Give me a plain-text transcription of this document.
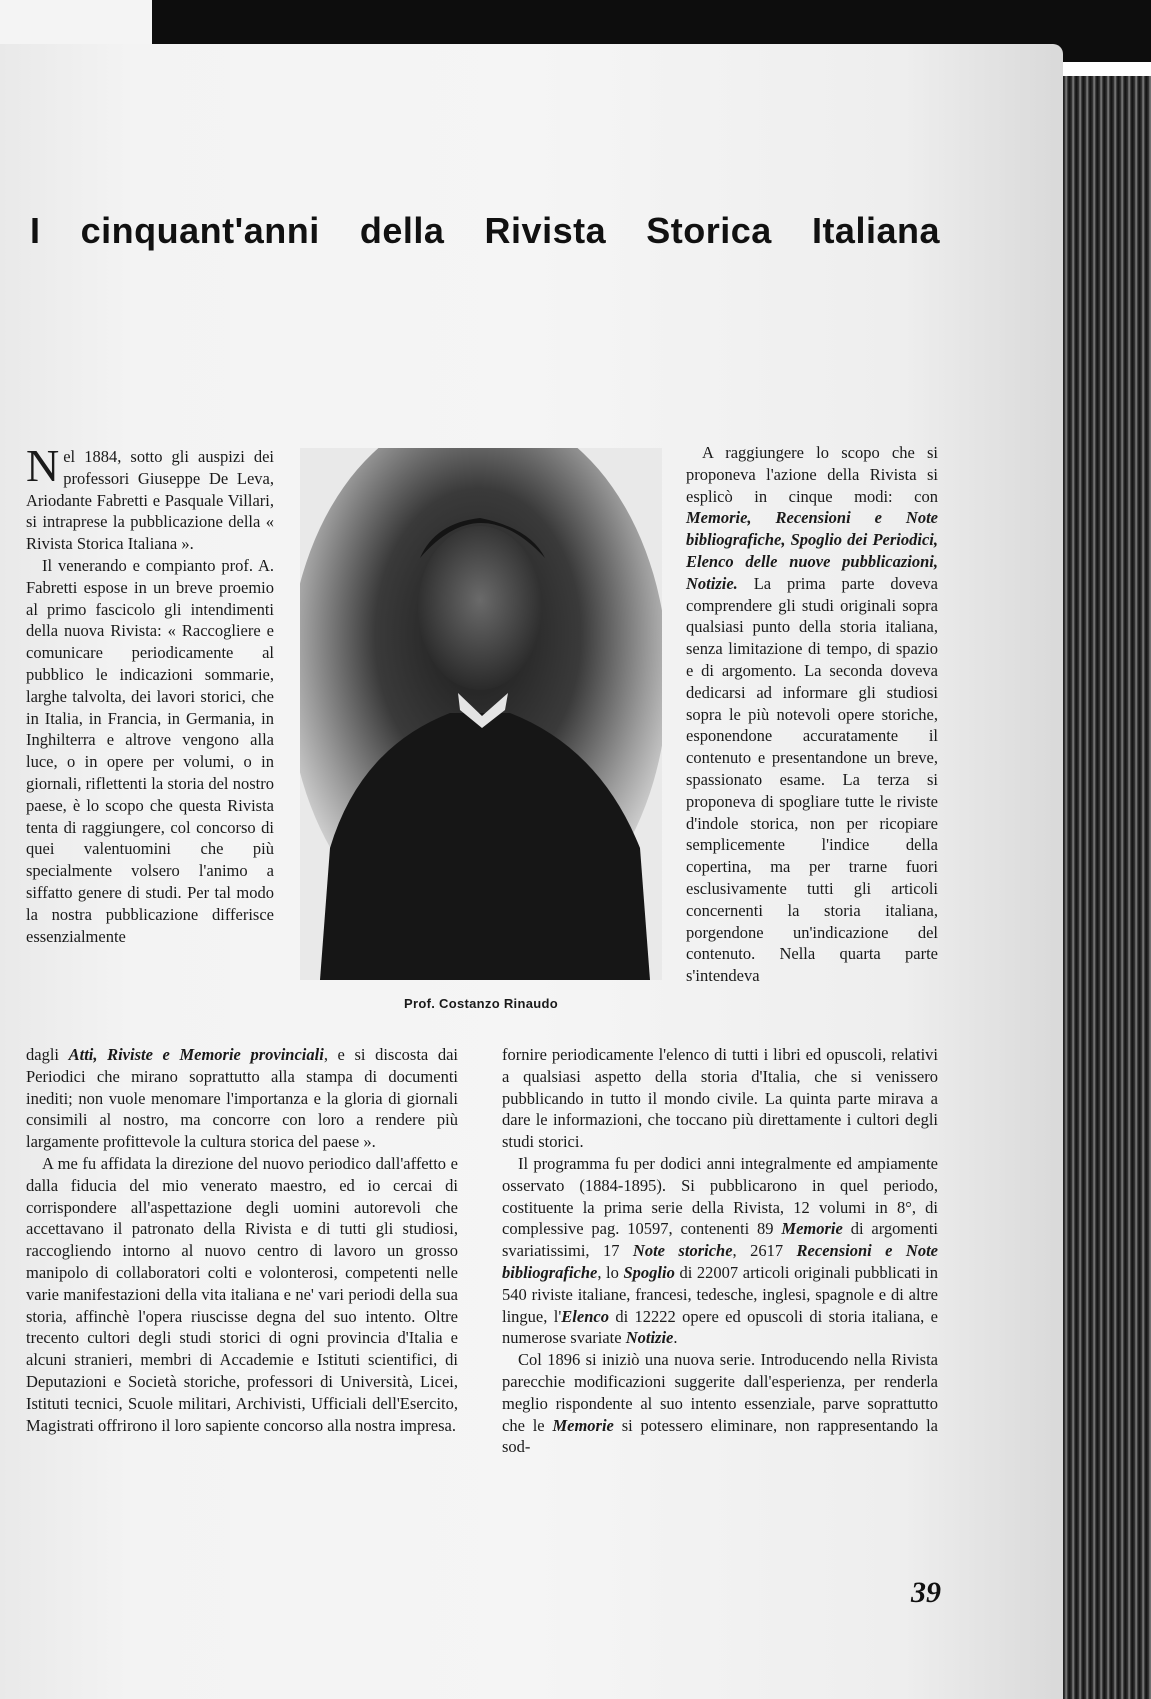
I cinquant'anni della Rivista Storica Italiana

Nel 1884, sotto gli auspizi dei professori Giuseppe De Leva, Ariodante Fabretti e Pasquale Villari, si intraprese la pubblicazione della « Rivista Storica Italiana ».

Il venerando e compianto prof. A. Fabretti espose in un breve proemio al primo fascicolo gli intendimenti della nuova Rivista: « Raccogliere e comunicare periodicamente al pubblico le indicazioni sommarie, larghe talvolta, dei lavori storici, che in Italia, in Francia, in Germania, in Inghilterra e altrove vengono alla luce, o in opere per volumi, o in giornali, riflettenti la storia del nostro paese, è lo scopo che questa Rivista tenta di raggiungere, col concorso di quei valentuomini che più specialmente volsero l'animo a siffatto genere di studi. Per tal modo la nostra pubblicazione differisce essenzialmente

Prof. Costanzo Rinaudo

A raggiungere lo scopo che si proponeva l'azione della Rivista si esplicò in cinque modi: con Memorie, Recensioni e Note bibliografiche, Spoglio dei Periodici, Elenco delle nuove pubblicazioni, Notizie. La prima parte doveva comprendere gli studi originali sopra qualsiasi punto della storia italiana, senza limitazione di tempo, di spazio e di argomento. La seconda doveva dedicarsi ad informare gli studiosi sopra le più notevoli opere storiche, esponendone accuratamente il contenuto e presentandone un breve, spassionato esame. La terza si proponeva di spogliare tutte le riviste d'indole storica, non per ricopiare semplicemente l'indice della copertina, ma per trarne fuori esclusivamente tutti gli articoli concernenti la storia italiana, porgendone un'indicazione del contenuto. Nella quarta parte s'intendeva

dagli Atti, Riviste e Memorie provinciali, e si discosta dai Periodici che mirano soprattutto alla stampa di documenti inediti; non vuole menomare l'importanza e la gloria di giornali consimili al nostro, ma concorre con loro a rendere più largamente profittevole la cultura storica del paese ».

A me fu affidata la direzione del nuovo periodico dall'affetto e dalla fiducia del mio venerato maestro, ed io cercai di corrispondere all'aspettazione degli uomini autorevoli che accettavano il patronato della Rivista e di tutti gli studiosi, raccogliendo intorno al nuovo centro di lavoro un grosso manipolo di collaboratori colti e volonterosi, competenti nelle varie manifestazioni della vita italiana e ne' vari periodi della sua storia, affinchè l'opera riuscisse degna del suo intento. Oltre trecento cultori degli studi storici di ogni provincia d'Italia e alcuni stranieri, membri di Accademie e Istituti scientifici, di Deputazioni e Società storiche, professori di Università, Licei, Istituti tecnici, Scuole militari, Archivisti, Ufficiali dell'Esercito, Magistrati offrirono il loro sapiente concorso alla nostra impresa.

fornire periodicamente l'elenco di tutti i libri ed opuscoli, relativi a qualsiasi aspetto della storia d'Italia, che si venissero pubblicando in tutto il mondo civile. La quinta parte mirava a dare le informazioni, che toccano più direttamente i cultori degli studi storici.

Il programma fu per dodici anni integralmente ed ampiamente osservato (1884-1895). Si pubblicarono in quel periodo, costituente la prima serie della Rivista, 12 volumi in 8°, di complessive pag. 10597, contenenti 89 Memorie di argomenti svariatissimi, 17 Note storiche, 2617 Recensioni e Note bibliografiche, lo Spoglio di 22007 articoli originali pubblicati in 540 riviste italiane, francesi, tedesche, inglesi, spagnole e di altre lingue, l'Elenco di 12222 opere ed opuscoli di storia italiana, e numerose svariate Notizie.

Col 1896 si iniziò una nuova serie. Introducendo nella Rivista parecchie modificazioni suggerite dall'esperienza, per renderla meglio rispondente al suo intento essenziale, parve soprattutto che le Memorie si potessero eliminare, non rappresentando la sod-

39
